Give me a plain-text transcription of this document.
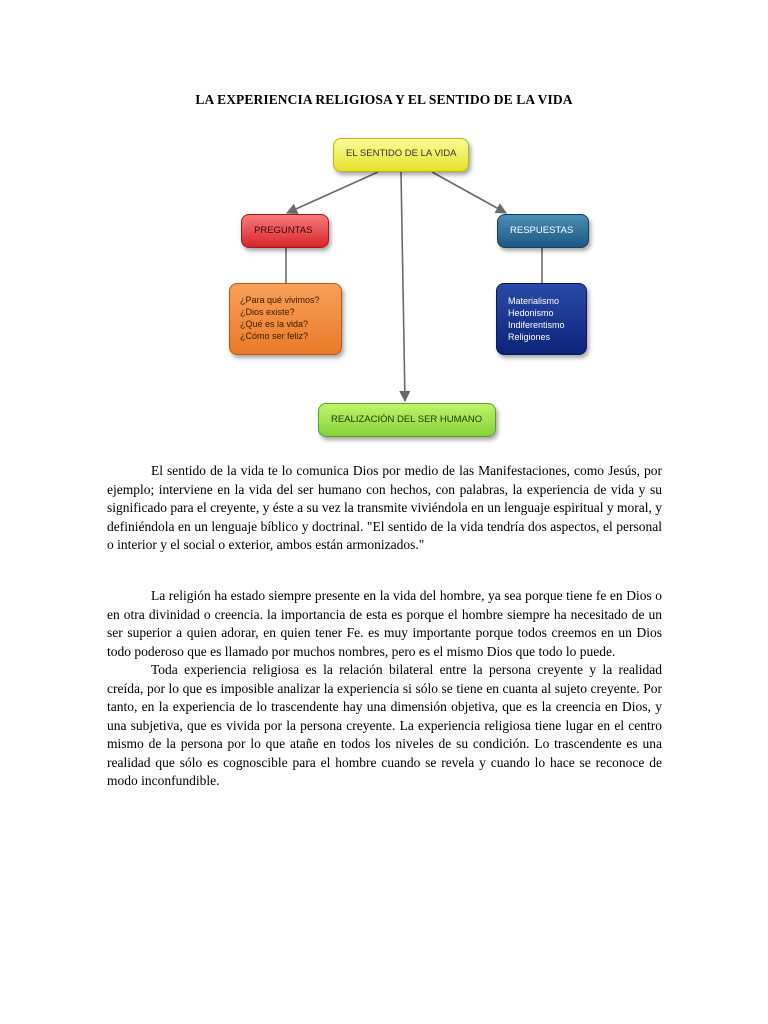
LA EXPERIENCIA RELIGIOSA Y EL SENTIDO DE LA VIDA
EL SENTIDO DE LA VIDA
PREGUNTAS	RESPUESTAS
¿Para qué vivimos?
¿Dios existe?
¿Qué es la vida?
¿Cómo ser feliz?
Materialismo
Hedonismo
Indiferentismo
Religiones
REALIZACIÓN DEL SER HUMANO

El sentido de la vida te lo comunica Dios por medio de las Manifestaciones, como Jesús, por ejemplo; interviene en la vida del ser humano con hechos, con palabras, la experiencia de vida y su significado para el creyente, y éste a su vez la transmite viviéndola en un lenguaje espiritual y moral, y definiéndola en un lenguaje bíblico y doctrinal. "El sentido de la vida tendría dos aspectos, el personal o interior y el social o exterior, ambos están armonizados."

La religión ha estado siempre presente en la vida del hombre, ya sea porque tiene fe en Dios o en otra divinidad o creencia. la importancia de esta es porque el hombre siempre ha necesitado de un ser superior a quien adorar, en quien tener Fe. es muy importante porque todos creemos en un Dios todo poderoso que es llamado por muchos nombres, pero es el mismo Dios que todo lo puede.

Toda experiencia religiosa es la relación bilateral entre la persona creyente y la realidad creída, por lo que es imposible analizar la experiencia si sólo se tiene en cuanta al sujeto creyente. Por tanto, en la experiencia de lo trascendente hay una dimensión objetiva, que es la creencia en Dios, y una subjetiva, que es vivida por la persona creyente. La experiencia religiosa tiene lugar en el centro mismo de la persona por lo que atañe en todos los niveles de su condición. Lo trascendente es una realidad que sólo es cognoscible para el hombre cuando se revela y cuando lo hace se reconoce de modo inconfundible.
